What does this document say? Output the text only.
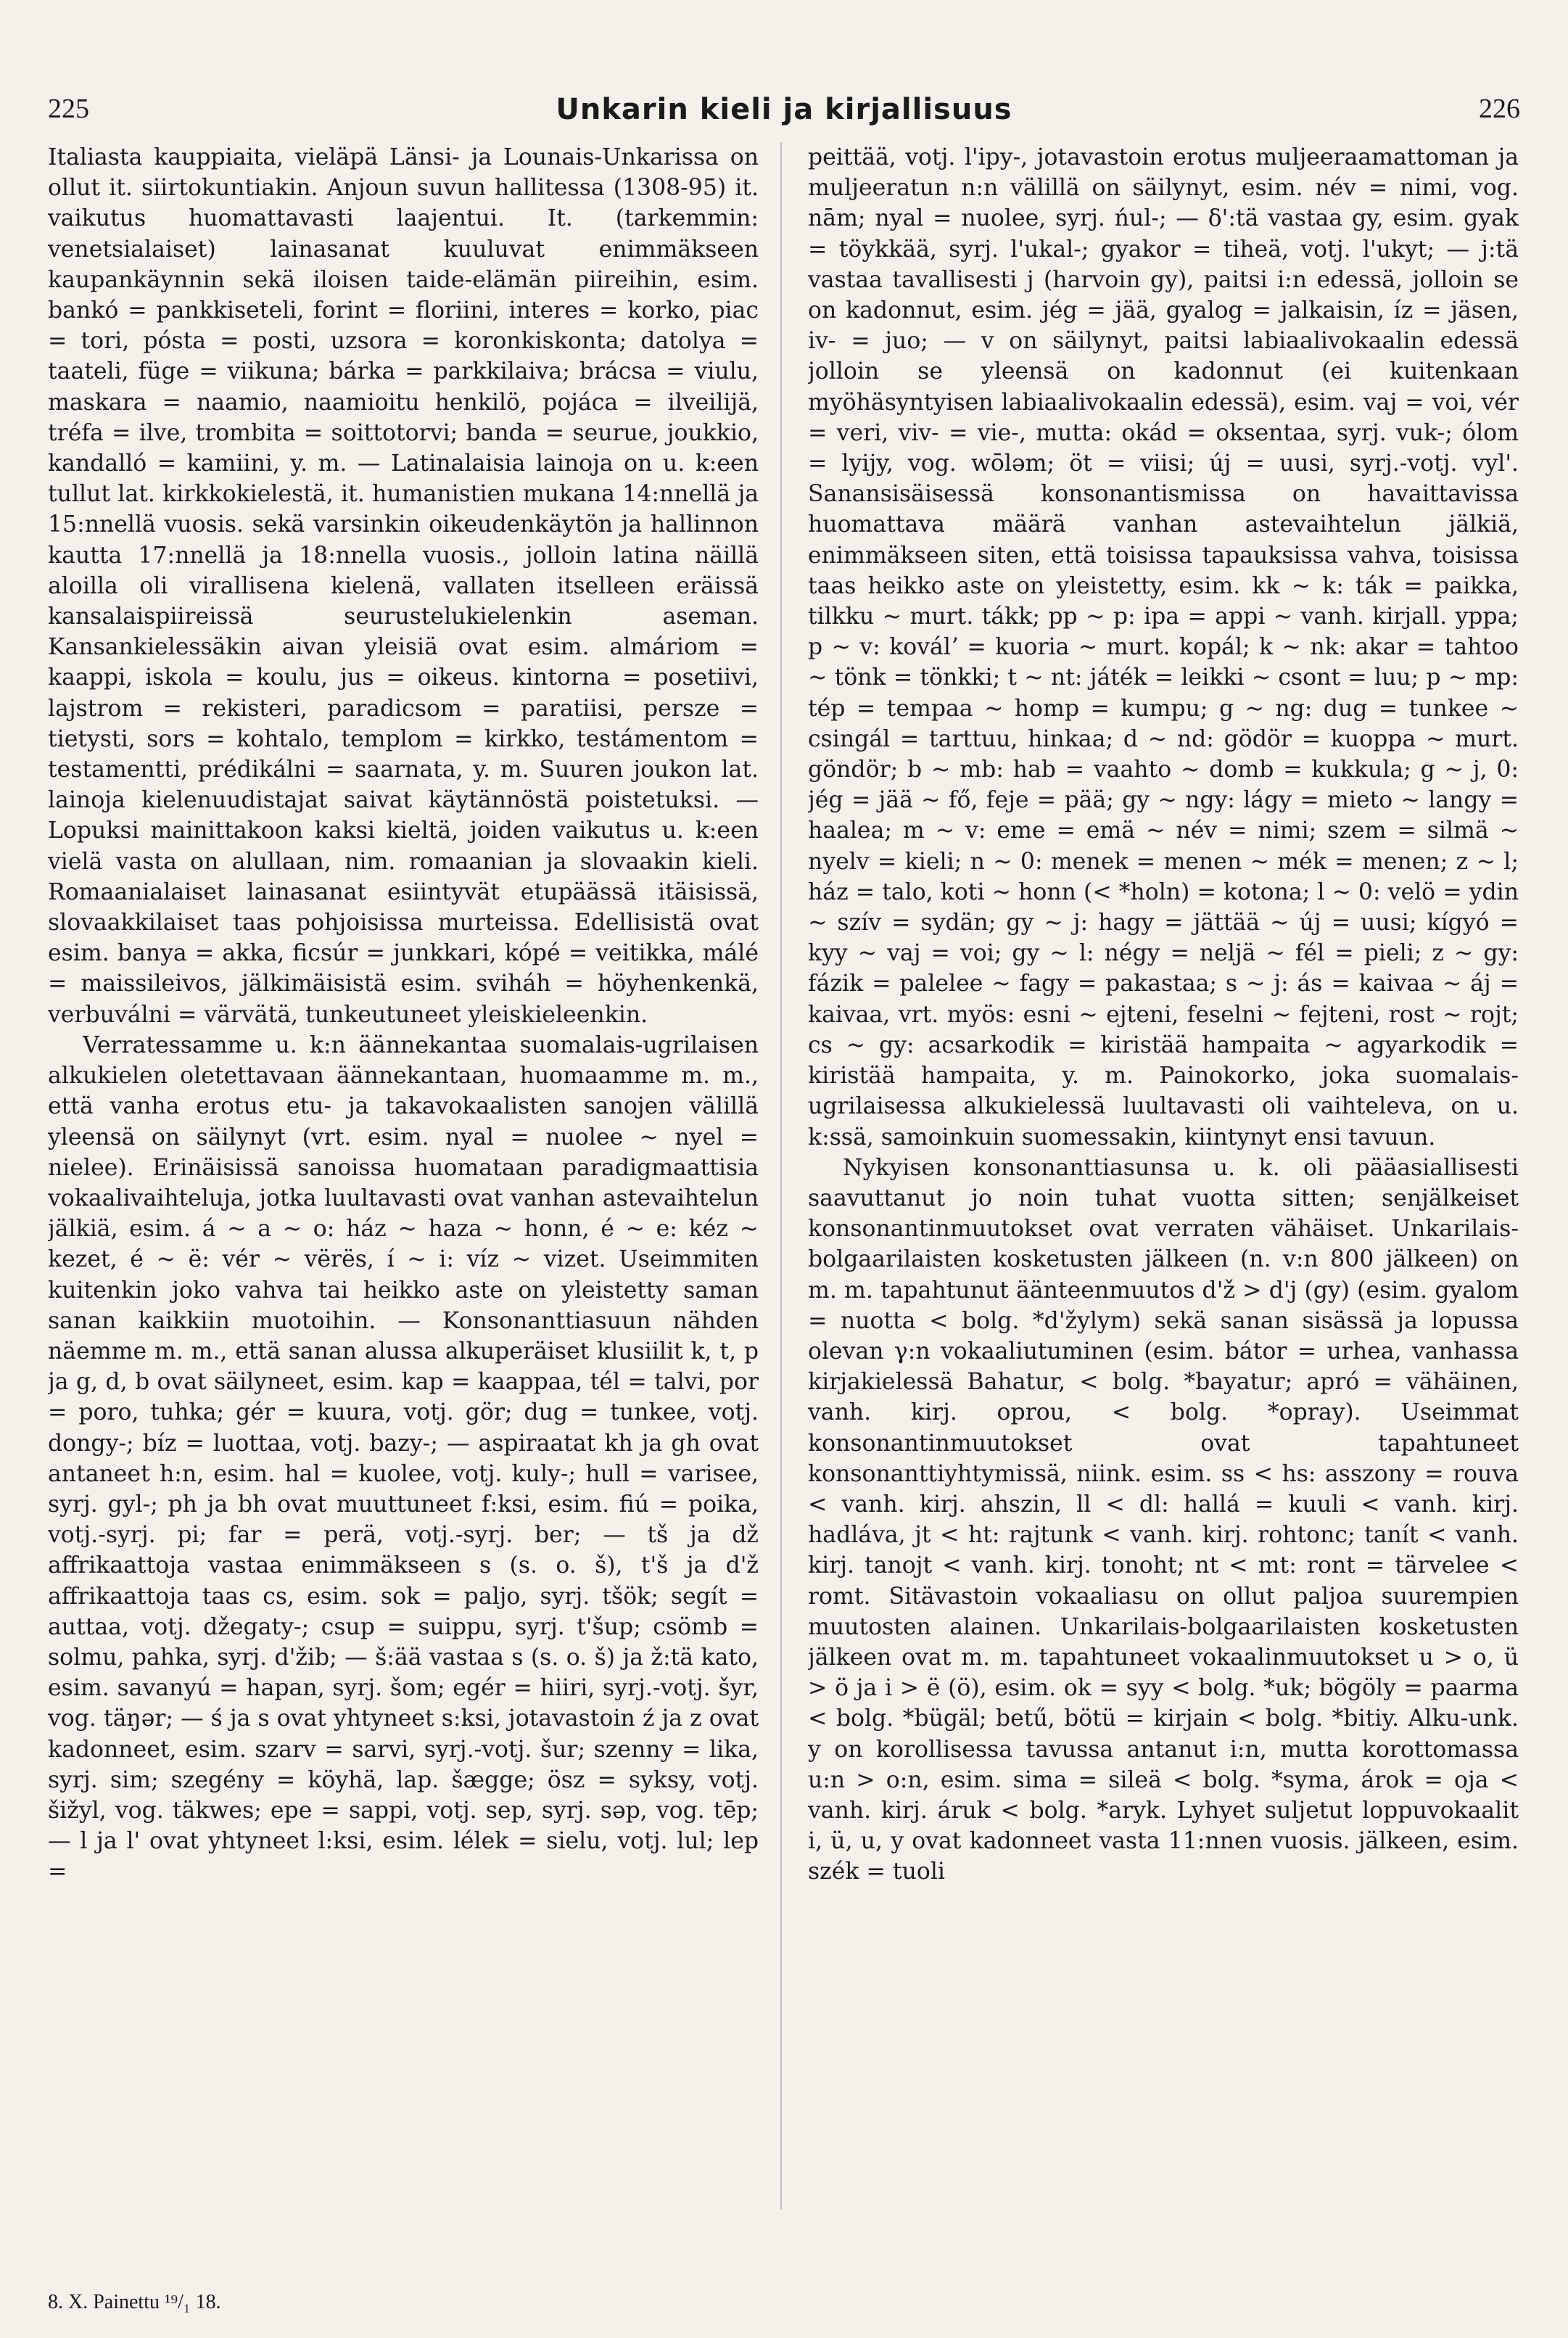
225	Unkarin kieli ja kirjallisuus	226

Italiasta kauppiaita, vieläpä Länsi- ja Lounais-Unkarissa on ollut it. siirtokuntiakin. Anjoun suvun hallitessa (1308-95) it. vaikutus huomattavasti laajentui. It. (tarkemmin: venetsialaiset) lainasanat kuuluvat enimmäkseen kaupankäynnin sekä iloisen taide-elämän piireihin, esim. bankó = pankkiseteli, forint = floriini, interes = korko, piac = tori, pósta = posti, uzsora = koronkiskonta; datolya = taateli, füge = viikuna; bárka = parkkilaiva; brácsa = viulu, maskara = naamio, naamioitu henkilö, pojáca = ilveilijä, tréfa = ilve, trombita = soittotorvi; banda = seurue, joukkio, kandalló = kamiini, y. m. — Latinalaisia lainoja on u. k:een tullut lat. kirkkokielestä, it. humanistien mukana 14:nnellä ja 15:nnellä vuosis. sekä varsinkin oikeudenkäytön ja hallinnon kautta 17:nnellä ja 18:nnella vuosis., jolloin latina näillä aloilla oli virallisena kielenä, vallaten itselleen eräissä kansalaispiireissä seurustelukielenkin aseman. Kansankielessäkin aivan yleisiä ovat esim. almáriom = kaappi, iskola = koulu, jus = oikeus. kintorna = posetiivi, lajstrom = rekisteri, paradicsom = paratiisi, persze = tietysti, sors = kohtalo, templom = kirkko, testámentom = testamentti, prédikálni = saarnata, y. m. Suuren joukon lat. lainoja kielenuudistajat saivat käytännöstä poistetuksi. — Lopuksi mainittakoon kaksi kieltä, joiden vaikutus u. k:een vielä vasta on alullaan, nim. romaanian ja slovaakin kieli. Romaanialaiset lainasanat esiintyvät etupäässä itäisissä, slovaakkilaiset taas pohjoisissa murteissa. Edellisistä ovat esim. banya = akka, ficsúr = junkkari, kópé = veitikka, málé = maissileivos, jälkimäisistä esim. sviháh = höyhenkenkä, verbuválni = värvätä, tunkeutuneet yleiskieleenkin.

Verratessamme u. k:n äännekantaa suomalais-ugrilaisen alkukielen oletettavaan äännekantaan, huomaamme m. m., että vanha erotus etu- ja takavokaalisten sanojen välillä yleensä on säilynyt (vrt. esim. nyal = nuolee ~ nyel = nielee). Erinäisissä sanoissa huomataan paradigmaattisia vokaalivaihteluja, jotka luultavasti ovat vanhan astevaihtelun jälkiä, esim. á ~ a ~ o: ház ~ haza ~ honn, é ~ e: kéz ~ kezet, é ~ ë: vér ~ vërës, í ~ i: víz ~ vizet. Useimmiten kuitenkin joko vahva tai heikko aste on yleistetty saman sanan kaikkiin muotoihin. — Konsonanttiasuun nähden näemme m. m., että sanan alussa alkuperäiset klusiilit k, t, p ja g, d, b ovat säilyneet, esim. kap = kaappaa, tél = talvi, por = poro, tuhka; gér = kuura, votj. gör; dug = tunkee, votj. dongy-; bíz = luottaa, votj. bazy-; — aspiraatat kh ja gh ovat antaneet h:n, esim. hal = kuolee, votj. kuly-; hull = varisee, syrj. gyl-; ph ja bh ovat muuttuneet f:ksi, esim. fiú = poika, votj.-syrj. pi; far = perä, votj.-syrj. ber; — tš ja dž affrikaattoja vastaa enimmäkseen s (s. o. š), t'š ja d'ž affrikaattoja taas cs, esim. sok = paljo, syrj. tšök; segít = auttaa, votj. džegaty-; csup = suippu, syrj. t'šup; csömb = solmu, pahka, syrj. d'žib; — š:ää vastaa s (s. o. š) ja ž:tä kato, esim. savanyú = hapan, syrj. šom; egér = hiiri, syrj.-votj. šyr, vog. täŋər; — ś ja s ovat yhtyneet s:ksi, jotavastoin ź ja z ovat kadonneet, esim. szarv = sarvi, syrj.-votj. šur; szenny = lika, syrj. sim; szegény = köyhä, lap. šægge; ösz = syksy, votj. šižyl, vog. täkwes; epe = sappi, votj. sep, syrj. səp, vog. tēp; — l ja l' ovat yhtyneet l:ksi, esim. lélek = sielu, votj. lul; lep =

peittää, votj. l'ipy-, jotavastoin erotus muljeeraamattoman ja muljeeratun n:n välillä on säilynyt, esim. név = nimi, vog. nām; nyal = nuolee, syrj. ńul-; — δ':tä vastaa gy, esim. gyak = töykkää, syrj. l'ukal-; gyakor = tiheä, votj. l'ukyt; — j:tä vastaa tavallisesti j (harvoin gy), paitsi i:n edessä, jolloin se on kadonnut, esim. jég = jää, gyalog = jalkaisin, íz = jäsen, iv- = juo; — v on säilynyt, paitsi labiaalivokaalin edessä jolloin se yleensä on kadonnut (ei kuitenkaan myöhäsyntyisen labiaalivokaalin edessä), esim. vaj = voi, vér = veri, viv- = vie-, mutta: okád = oksentaa, syrj. vuk-; ólom = lyijy, vog. wōləm; öt = viisi; új = uusi, syrj.-votj. vyl'. Sanansisäisessä konsonantismissa on havaittavissa huomattava määrä vanhan astevaihtelun jälkiä, enimmäkseen siten, että toisissa tapauksissa vahva, toisissa taas heikko aste on yleistetty, esim. kk ~ k: ták = paikka, tilkku ~ murt. tákk; pp ~ p: ipa = appi ~ vanh. kirjall. yppa; p ~ v: koválʼ = kuoria ~ murt. kopál; k ~ nk: akar = tahtoo ~ tönk = tönkki; t ~ nt: játék = leikki ~ csont = luu; p ~ mp: tép = tempaa ~ homp = kumpu; g ~ ng: dug = tunkee ~ csingál = tarttuu, hinkaa; d ~ nd: gödör = kuoppa ~ murt. göndör; b ~ mb: hab = vaahto ~ domb = kukkula; g ~ j, 0: jég = jää ~ fő, feje = pää; gy ~ ngy: lágy = mieto ~ langy = haalea; m ~ v: eme = emä ~ név = nimi; szem = silmä ~ nyelv = kieli; n ~ 0: menek = menen ~ mék = menen; z ~ l; ház = talo, koti ~ honn (< *holn) = kotona; l ~ 0: velö = ydin ~ szív = sydän; gy ~ j: hagy = jättää ~ új = uusi; kígyó = kyy ~ vaj = voi; gy ~ l: négy = neljä ~ fél = pieli; z ~ gy: fázik = palelee ~ fagy = pakastaa; s ~ j: ás = kaivaa ~ áj = kaivaa, vrt. myös: esni ~ ejteni, feselni ~ fejteni, rost ~ rojt; cs ~ gy: acsarkodik = kiristää hampaita ~ agyarkodik = kiristää hampaita, y. m. Painokorko, joka suomalais-ugrilaisessa alkukielessä luultavasti oli vaihteleva, on u. k:ssä, samoinkuin suomessakin, kiintynyt ensi tavuun.

Nykyisen konsonanttiasunsa u. k. oli pääasiallisesti saavuttanut jo noin tuhat vuotta sitten; senjälkeiset konsonantinmuutokset ovat verraten vähäiset. Unkarilais-bolgaarilaisten kosketusten jälkeen (n. v:n 800 jälkeen) on m. m. tapahtunut äänteenmuutos d'ž > d'j (gy) (esim. gyalom = nuotta < bolg. *d'žylym) sekä sanan sisässä ja lopussa olevan γ:n vokaaliutuminen (esim. bátor = urhea, vanhassa kirjakielessä Bahatur, < bolg. *bayatur; apró = vähäinen, vanh. kirj. oprou, < bolg. *opray). Useimmat konsonantinmuutokset ovat tapahtuneet konsonanttiyhtymissä, niink. esim. ss < hs: asszony = rouva < vanh. kirj. ahszin, ll < dl: hallá = kuuli < vanh. kirj. hadláva, jt < ht: rajtunk < vanh. kirj. rohtonc; tanít < vanh. kirj. tanojt < vanh. kirj. tonoht; nt < mt: ront = tärvelee < romt. Sitävastoin vokaaliasu on ollut paljoa suurempien muutosten alainen. Unkarilais-bolgaarilaisten kosketusten jälkeen ovat m. m. tapahtuneet vokaalinmuutokset u > o, ü > ö ja i > ë (ö), esim. ok = syy < bolg. *uk; bögöly = paarma < bolg. *bügäl; betű, bötü = kirjain < bolg. *bitiy. Alku-unk. y on korollisessa tavussa antanut i:n, mutta korottomassa u:n > o:n, esim. sima = sileä < bolg. *syma, árok = oja < vanh. kirj. áruk < bolg. *aryk. Lyhyet suljetut loppuvokaalit i, ü, u, y ovat kadonneet vasta 11:nnen vuosis. jälkeen, esim. szék = tuoli

8. X. Painettu ¹⁹/₁ 18.
